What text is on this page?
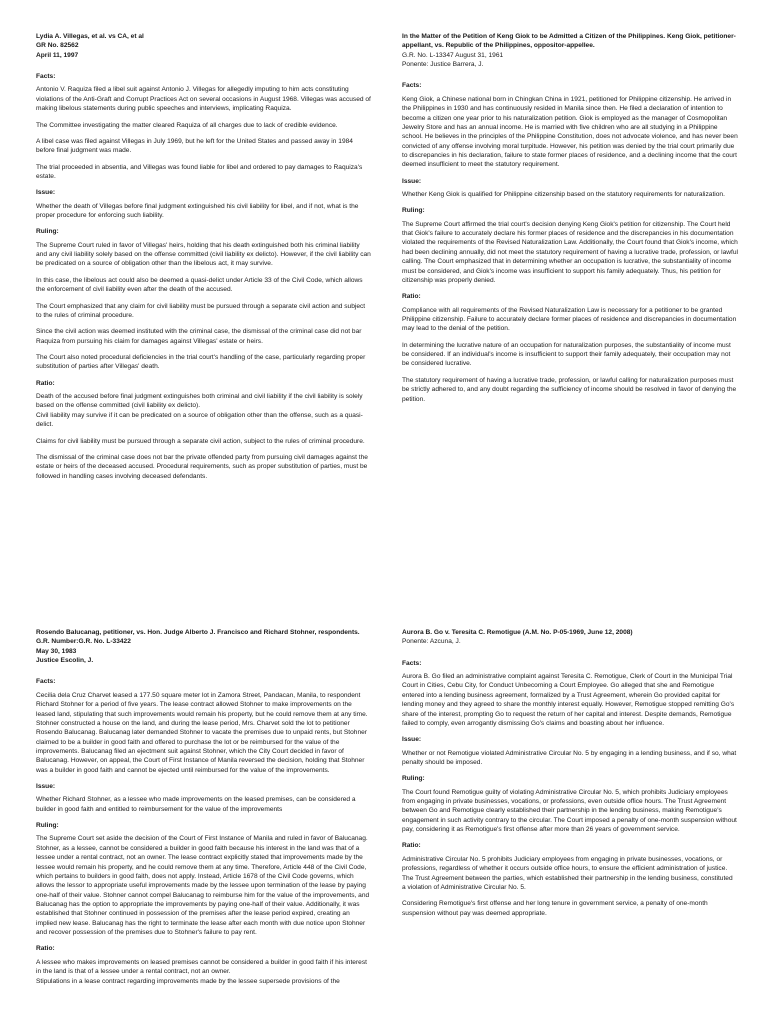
Lydia A. Villegas, et al. vs CA, et al
GR No. 82562
April 11, 1997
Facts:
Antonio V. Raquiza filed a libel suit against Antonio J. Villegas for allegedly imputing to him acts constituting violations of the Anti-Graft and Corrupt Practices Act on several occasions in August 1968. Villegas was accused of making libelous statements during public speeches and interviews, implicating Raquiza.
The Committee investigating the matter cleared Raquiza of all charges due to lack of credible evidence.
A libel case was filed against Villegas in July 1969, but he left for the United States and passed away in 1984 before final judgment was made.
The trial proceeded in absentia, and Villegas was found liable for libel and ordered to pay damages to Raquiza's estate.
Issue:
Whether the death of Villegas before final judgment extinguished his civil liability for libel, and if not, what is the proper procedure for enforcing such liability.
Ruling:
The Supreme Court ruled in favor of Villegas' heirs, holding that his death extinguished both his criminal liability and any civil liability solely based on the offense committed (civil liability ex delicto). However, if the civil liability can be predicated on a source of obligation other than the libelous act, it may survive.
In this case, the libelous act could also be deemed a quasi-delict under Article 33 of the Civil Code, which allows the enforcement of civil liability even after the death of the accused.
The Court emphasized that any claim for civil liability must be pursued through a separate civil action and subject to the rules of criminal procedure.
Since the civil action was deemed instituted with the criminal case, the dismissal of the criminal case did not bar Raquiza from pursuing his claim for damages against Villegas' estate or heirs.
The Court also noted procedural deficiencies in the trial court's handling of the case, particularly regarding proper substitution of parties after Villegas' death.
Ratio:
Death of the accused before final judgment extinguishes both criminal and civil liability if the civil liability is solely based on the offense committed (civil liability ex delicto).
Civil liability may survive if it can be predicated on a source of obligation other than the offense, such as a quasi-delict.
Claims for civil liability must be pursued through a separate civil action, subject to the rules of criminal procedure.
The dismissal of the criminal case does not bar the private offended party from pursuing civil damages against the estate or heirs of the deceased accused. Procedural requirements, such as proper substitution of parties, must be followed in handling cases involving deceased defendants.
In the Matter of the Petition of Keng Giok to be Admitted a Citizen of the Philippines. Keng Giok, petitioner-appellant, vs. Republic of the Philippines, oppositor-appellee.
G.R. No. L-13347 August 31, 1961
Ponente: Justice Barrera, J.
Facts:
Keng Giok, a Chinese national born in Chingkan China in 1921, petitioned for Philippine citizenship. He arrived in the Philippines in 1930 and has continuously resided in Manila since then. He filed a declaration of intention to become a citizen one year prior to his naturalization petition. Giok is employed as the manager of Cosmopolitan Jewelry Store and has an annual income. He is married with five children who are all studying in a Philippine school. He believes in the principles of the Philippine Constitution, does not advocate violence, and has never been convicted of any offense involving moral turpitude. However, his petition was denied by the trial court primarily due to discrepancies in his declaration, failure to state former places of residence, and a declining income that the court deemed insufficient to meet the statutory requirement.
Issue:
Whether Keng Giok is qualified for Philippine citizenship based on the statutory requirements for naturalization.
Ruling:
The Supreme Court affirmed the trial court's decision denying Keng Giok's petition for citizenship. The Court held that Giok's failure to accurately declare his former places of residence and the discrepancies in his documentation violated the requirements of the Revised Naturalization Law. Additionally, the Court found that Giok's income, which had been declining annually, did not meet the statutory requirement of having a lucrative trade, profession, or lawful calling. The Court emphasized that in determining whether an occupation is lucrative, the substantiality of income must be considered, and Giok's income was insufficient to support his family adequately. Thus, his petition for citizenship was properly denied.
Ratio:
Compliance with all requirements of the Revised Naturalization Law is necessary for a petitioner to be granted Philippine citizenship. Failure to accurately declare former places of residence and discrepancies in documentation may lead to the denial of the petition.
In determining the lucrative nature of an occupation for naturalization purposes, the substantiality of income must be considered. If an individual's income is insufficient to support their family adequately, their occupation may not be considered lucrative.
The statutory requirement of having a lucrative trade, profession, or lawful calling for naturalization purposes must be strictly adhered to, and any doubt regarding the sufficiency of income should be resolved in favor of denying the petition.
Rosendo Balucanag, petitioner, vs. Hon. Judge Alberto J. Francisco and Richard Stohner, respondents.
G.R. Number:G.R. No. L-33422
May 30, 1983
Justice Escolin, J.
Facts:
Cecilia dela Cruz Charvet leased a 177.50 square meter lot in Zamora Street, Pandacan, Manila, to respondent Richard Stohner for a period of five years. The lease contract allowed Stohner to make improvements on the leased land, stipulating that such improvements would remain his property, but he could remove them at any time. Stohner constructed a house on the land, and during the lease period, Mrs. Charvet sold the lot to petitioner Rosendo Balucanag. Balucanag later demanded Stohner to vacate the premises due to unpaid rents, but Stohner claimed to be a builder in good faith and offered to purchase the lot or be reimbursed for the value of the improvements. Balucanag filed an ejectment suit against Stohner, which the City Court decided in favor of Balucanag. However, on appeal, the Court of First Instance of Manila reversed the decision, holding that Stohner was a builder in good faith and cannot be ejected until reimbursed for the value of the improvements.
Issue:
Whether Richard Stohner, as a lessee who made improvements on the leased premises, can be considered a builder in good faith and entitled to reimbursement for the value of the improvements
Ruling:
The Supreme Court set aside the decision of the Court of First Instance of Manila and ruled in favor of Balucanag. Stohner, as a lessee, cannot be considered a builder in good faith because his interest in the land was that of a lessee under a rental contract, not an owner. The lease contract explicitly stated that improvements made by the lessee would remain his property, and he could remove them at any time. Therefore, Article 448 of the Civil Code, which pertains to builders in good faith, does not apply. Instead, Article 1678 of the Civil Code governs, which allows the lessor to appropriate useful improvements made by the lessee upon termination of the lease by paying one-half of their value. Stohner cannot compel Balucanag to reimburse him for the value of the improvements, and Balucanag has the option to appropriate the improvements by paying one-half of their value. Additionally, it was established that Stohner continued in possession of the premises after the lease period expired, creating an implied new lease. Balucanag has the right to terminate the lease after each month with due notice upon Stohner and recover possession of the premises due to Stohner's failure to pay rent.
Ratio:
A lessee who makes improvements on leased premises cannot be considered a builder in good faith if his interest in the land is that of a lessee under a rental contract, not an owner.
Stipulations in a lease contract regarding improvements made by the lessee supersede provisions of the
Aurora B. Go v. Teresita C. Remotigue (A.M. No. P-05-1969, June 12, 2008)
Ponente: Azcuna, J.
Facts:
Aurora B. Go filed an administrative complaint against Teresita C. Remotigue, Clerk of Court in the Municipal Trial Court in Cities, Cebu City, for Conduct Unbecoming a Court Employee. Go alleged that she and Remotigue entered into a lending business agreement, formalized by a Trust Agreement, wherein Go provided capital for lending money and they agreed to share the monthly interest equally. However, Remotigue stopped remitting Go's share of the interest, prompting Go to request the return of her capital and interest. Despite demands, Remotigue failed to comply, even arrogantly dismissing Go's claims and boasting about her influence.
Issue:
Whether or not Remotigue violated Administrative Circular No. 5 by engaging in a lending business, and if so, what penalty should be imposed.
Ruling:
The Court found Remotigue guilty of violating Administrative Circular No. 5, which prohibits Judiciary employees from engaging in private businesses, vocations, or professions, even outside office hours. The Trust Agreement between Go and Remotigue clearly established their partnership in the lending business, making Remotigue's engagement in such activity contrary to the circular. The Court imposed a penalty of one-month suspension without pay, considering it as Remotigue's first offense after more than 26 years of government service.
Ratio:
Administrative Circular No. 5 prohibits Judiciary employees from engaging in private businesses, vocations, or professions, regardless of whether it occurs outside office hours, to ensure the efficient administration of justice.
The Trust Agreement between the parties, which established their partnership in the lending business, constituted a violation of Administrative Circular No. 5.
Considering Remotigue's first offense and her long tenure in government service, a penalty of one-month suspension without pay was deemed appropriate.
